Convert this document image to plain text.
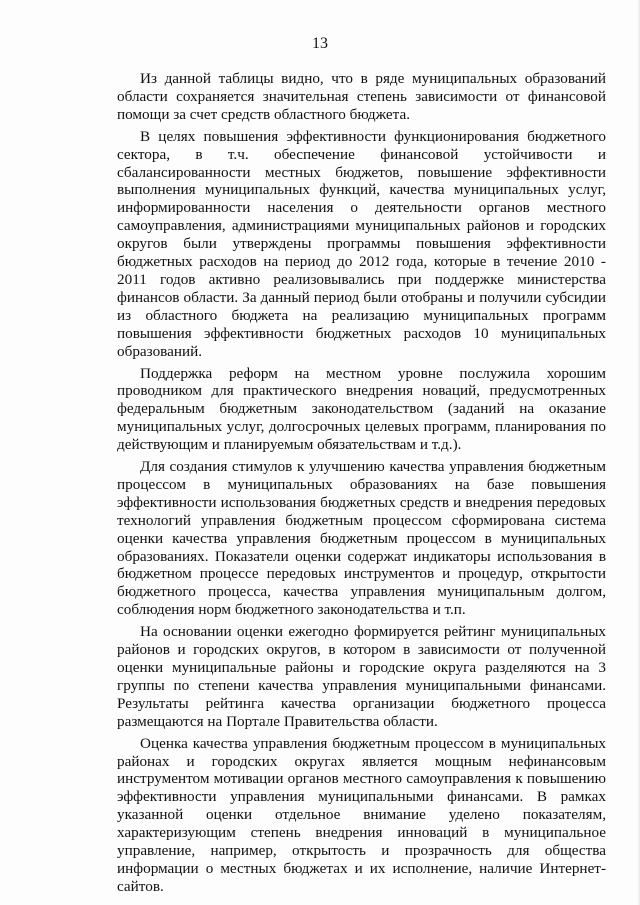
13

Из данной таблицы видно, что в ряде муниципальных образований области сохраняется значительная степень зависимости от финансовой помощи за счет средств областного бюджета.

В целях повышения эффективности функционирования бюджетного сектора, в т.ч. обеспечение финансовой устойчивости и сбалансированности местных бюджетов, повышение эффективности выполнения муниципальных функций, качества муниципальных услуг, информированности населения о деятельности органов местного самоуправления, администрациями муниципальных районов и городских округов были утверждены программы повышения эффективности бюджетных расходов на период до 2012 года, которые в течение 2010 - 2011 годов активно реализовывались при поддержке министерства финансов области. За данный период были отобраны и получили субсидии из областного бюджета на реализацию муниципальных программ повышения эффективности бюджетных расходов 10 муниципальных образований.

Поддержка реформ на местном уровне послужила хорошим проводником для практического внедрения новаций, предусмотренных федеральным бюджетным законодательством (заданий на оказание муниципальных услуг, долгосрочных целевых программ, планирования по действующим и планируемым обязательствам и т.д.).

Для создания стимулов к улучшению качества управления бюджетным процессом в муниципальных образованиях на базе повышения эффективности использования бюджетных средств и внедрения передовых технологий управления бюджетным процессом сформирована система оценки качества управления бюджетным процессом в муниципальных образованиях. Показатели оценки содержат индикаторы использования в бюджетном процессе передовых инструментов и процедур, открытости бюджетного процесса, качества управления муниципальным долгом, соблюдения норм бюджетного законодательства и т.п.

На основании оценки ежегодно формируется рейтинг муниципальных районов и городских округов, в котором в зависимости от полученной оценки муниципальные районы и городские округа разделяются на 3 группы по степени качества управления муниципальными финансами. Результаты рейтинга качества организации бюджетного процесса размещаются на Портале Правительства области.

Оценка качества управления бюджетным процессом в муниципальных районах и городских округах является мощным нефинансовым инструментом мотивации органов местного самоуправления к повышению эффективности управления муниципальными финансами. В рамках указанной оценки отдельное внимание уделено показателям, характеризующим степень внедрения инноваций в муниципальное управление, например, открытость и прозрачность для общества информации о местных бюджетах и их исполнение, наличие Интернет-сайтов.
